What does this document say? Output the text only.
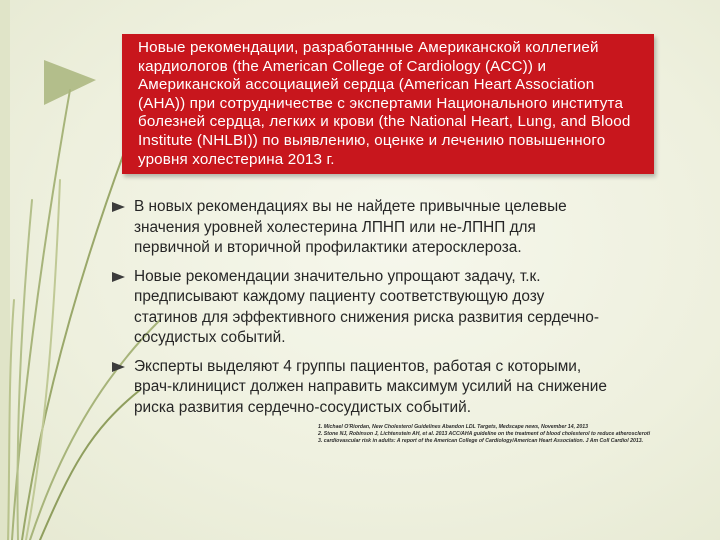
Новые рекомендации, разработанные Американской коллегией
кардиологов (the American College of Cardiology (ACC)) и
Американской ассоциацией сердца (American Heart Association
(AHA)) при сотрудничестве с экспертами Национального института
болезней сердца, легких и крови (the National Heart, Lung, and Blood
Institute (NHLBI)) по выявлению, оценке и лечению повышенного
уровня холестерина 2013 г.
В новых рекомендациях вы не найдете привычные целевые
значения уровней холестерина ЛПНП или не-ЛПНП для
первичной и вторичной профилактики атеросклероза.
Новые рекомендации значительно упрощают задачу, т.к.
предписывают каждому пациенту соответствующую дозу
статинов для эффективного снижения риска развития сердечно-
сосудистых событий.
Эксперты выделяют 4 группы пациентов, работая с которыми,
врач-клиницист должен направить максимум усилий на снижение
риска развития сердечно-сосудистых событий.
1. Michael O'Riordan, New Cholesterol Guidelines Abandon LDL Targets, Medscape news, November 14, 2013
2. Stone NJ, Robinson J, Lichtenstein AH, et al. 2013 ACC/AHA guideline on the treatment of blood cholesterol to reduce atheroscleroti
3. cardiovascular risk in adults: A report of the American College of Cardiology/American Heart Association. J Am Coll Cardiol 2013.
